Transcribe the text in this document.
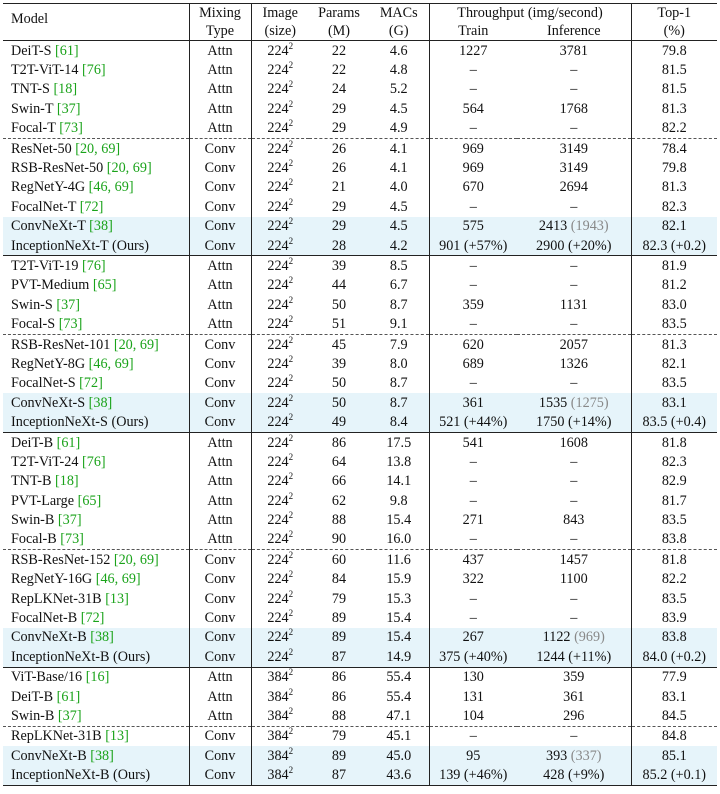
Model	Mixing	Image	Params	MACs	Throughput (img/second)		Top-1
	Type	(size)	(M)	(G)	Train	Inference	(%)
DeiT-S [61]	Attn	$224^2$	22	4.6	1227	3781	79.8
T2T-ViT-14 [76]	Attn	$224^2$	22	4.8	–	–	81.5
TNT-S [18]	Attn	$224^2$	24	5.2	–	–	81.5
Swin-T [37]	Attn	$224^2$	29	4.5	564	1768	81.3
Focal-T [73]	Attn	$224^2$	29	4.9	–	–	82.2
ResNet-50 [20, 69]	Conv	$224^2$	26	4.1	969	3149	78.4
RSB-ResNet-50 [20, 69]	Conv	$224^2$	26	4.1	969	3149	79.8
RegNetY-4G [46, 69]	Conv	$224^2$	21	4.0	670	2694	81.3
FocalNet-T [72]	Conv	$224^2$	29	4.5	–	–	82.3
ConvNeXt-T [38]	Conv	$224^2$	29	4.5	575	2413 (1943)	82.1
InceptionNeXt-T (Ours)	Conv	$224^2$	28	4.2	901 (+57%)	2900 (+20%)	82.3 (+0.2)
T2T-ViT-19 [76]	Attn	$224^2$	39	8.5	–	–	81.9
PVT-Medium [65]	Attn	$224^2$	44	6.7	–	–	81.2
Swin-S [37]	Attn	$224^2$	50	8.7	359	1131	83.0
Focal-S [73]	Attn	$224^2$	51	9.1	–	–	83.5
RSB-ResNet-101 [20, 69]	Conv	$224^2$	45	7.9	620	2057	81.3
RegNetY-8G [46, 69]	Conv	$224^2$	39	8.0	689	1326	82.1
FocalNet-S [72]	Conv	$224^2$	50	8.7	–	–	83.5
ConvNeXt-S [38]	Conv	$224^2$	50	8.7	361	1535 (1275)	83.1
InceptionNeXt-S (Ours)	Conv	$224^2$	49	8.4	521 (+44%)	1750 (+14%)	83.5 (+0.4)
DeiT-B [61]	Attn	$224^2$	86	17.5	541	1608	81.8
T2T-ViT-24 [76]	Attn	$224^2$	64	13.8	–	–	82.3
TNT-B [18]	Attn	$224^2$	66	14.1	–	–	82.9
PVT-Large [65]	Attn	$224^2$	62	9.8	–	–	81.7
Swin-B [37]	Attn	$224^2$	88	15.4	271	843	83.5
Focal-B [73]	Attn	$224^2$	90	16.0	–	–	83.8
RSB-ResNet-152 [20, 69]	Conv	$224^2$	60	11.6	437	1457	81.8
RegNetY-16G [46, 69]	Conv	$224^2$	84	15.9	322	1100	82.2
RepLKNet-31B [13]	Conv	$224^2$	79	15.3	–	–	83.5
FocalNet-B [72]	Conv	$224^2$	89	15.4	–	–	83.9
ConvNeXt-B [38]	Conv	$224^2$	89	15.4	267	1122 (969)	83.8
InceptionNeXt-B (Ours)	Conv	$224^2$	87	14.9	375 (+40%)	1244 (+11%)	84.0 (+0.2)
ViT-Base/16 [16]	Attn	$384^2$	86	55.4	130	359	77.9
DeiT-B [61]	Attn	$384^2$	86	55.4	131	361	83.1
Swin-B [37]	Attn	$384^2$	88	47.1	104	296	84.5
RepLKNet-31B [13]	Conv	$384^2$	79	45.1	–	–	84.8
ConvNeXt-B [38]	Conv	$384^2$	89	45.0	95	393 (337)	85.1
InceptionNeXt-B (Ours)	Conv	$384^2$	87	43.6	139 (+46%)	428 (+9%)	85.2 (+0.1)
